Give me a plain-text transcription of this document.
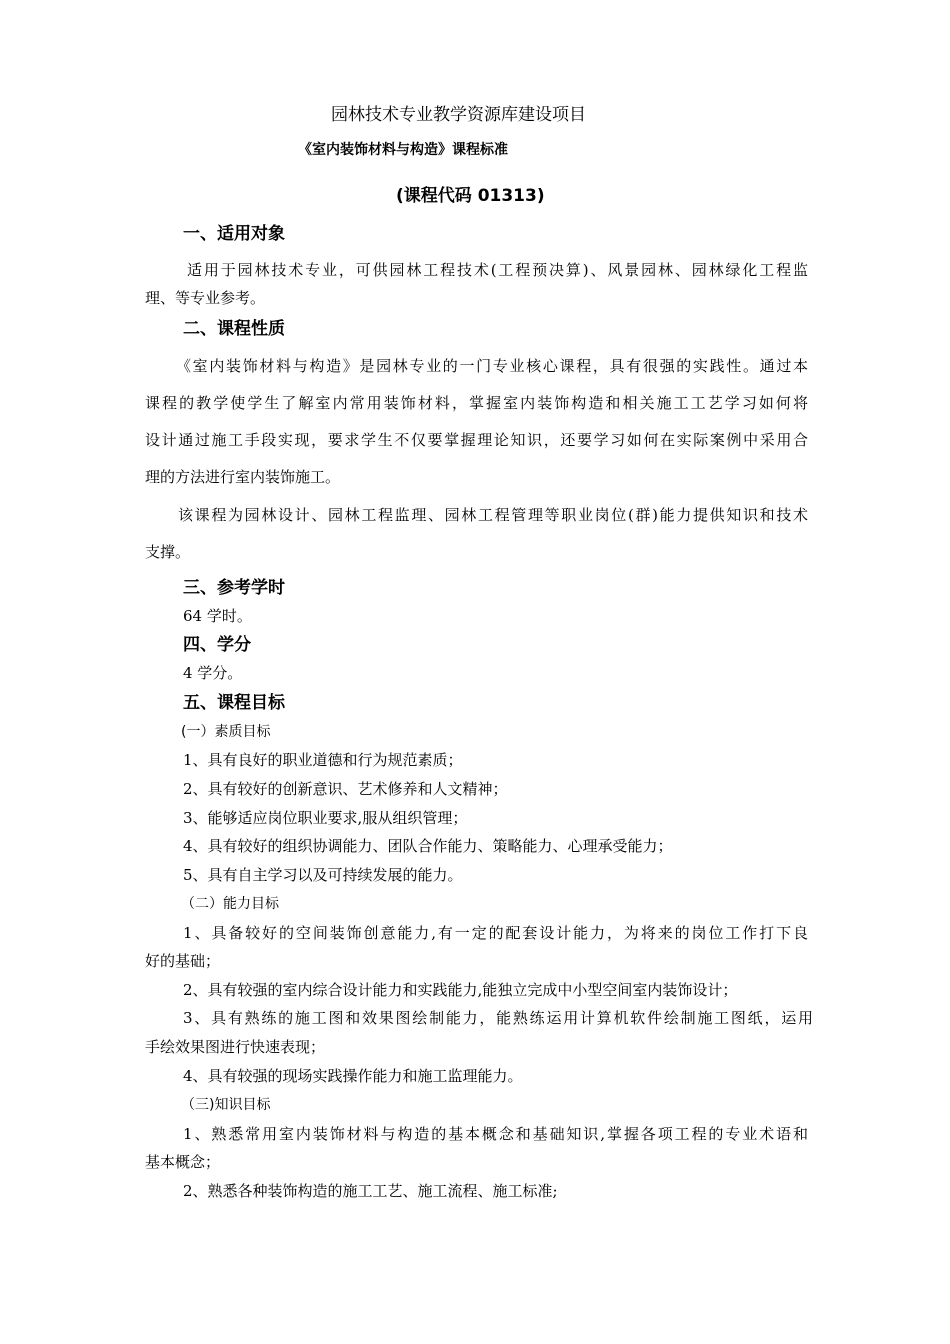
园林技术专业教学资源库建设项目
《室内装饰材料与构造》课程标准
(课程代码 01313)
一、适用对象
适用于园林技术专业，可供园林工程技术(工程预决算)、风景园林、园林绿化工程监
理、等专业参考。
二、课程性质
《室内装饰材料与构造》是园林专业的一门专业核心课程，具有很强的实践性。通过本
课程的教学使学生了解室内常用装饰材料，掌握室内装饰构造和相关施工工艺学习如何将
设计通过施工手段实现，要求学生不仅要掌握理论知识，还要学习如何在实际案例中采用合
理的方法进行室内装饰施工。
该课程为园林设计、园林工程监理、园林工程管理等职业岗位(群)能力提供知识和技术
支撑。
三、参考学时
64 学时。
四、学分
4 学分。
五、课程目标
(一）素质目标
1、具有良好的职业道德和行为规范素质；
2、具有较好的创新意识、艺术修养和人文精神；
3、能够适应岗位职业要求,服从组织管理；
4、具有较好的组织协调能力、团队合作能力、策略能力、心理承受能力；
5、具有自主学习以及可持续发展的能力。
（二）能力目标
1、具备较好的空间装饰创意能力,有一定的配套设计能力，为将来的岗位工作打下良
好的基础；
2、具有较强的室内综合设计能力和实践能力,能独立完成中小型空间室内装饰设计；
3、具有熟练的施工图和效果图绘制能力，能熟练运用计算机软件绘制施工图纸，运用
手绘效果图进行快速表现；
4、具有较强的现场实践操作能力和施工监理能力。
（三)知识目标
1、熟悉常用室内装饰材料与构造的基本概念和基础知识,掌握各项工程的专业术语和
基本概念；
2、熟悉各种装饰构造的施工工艺、施工流程、施工标准;
